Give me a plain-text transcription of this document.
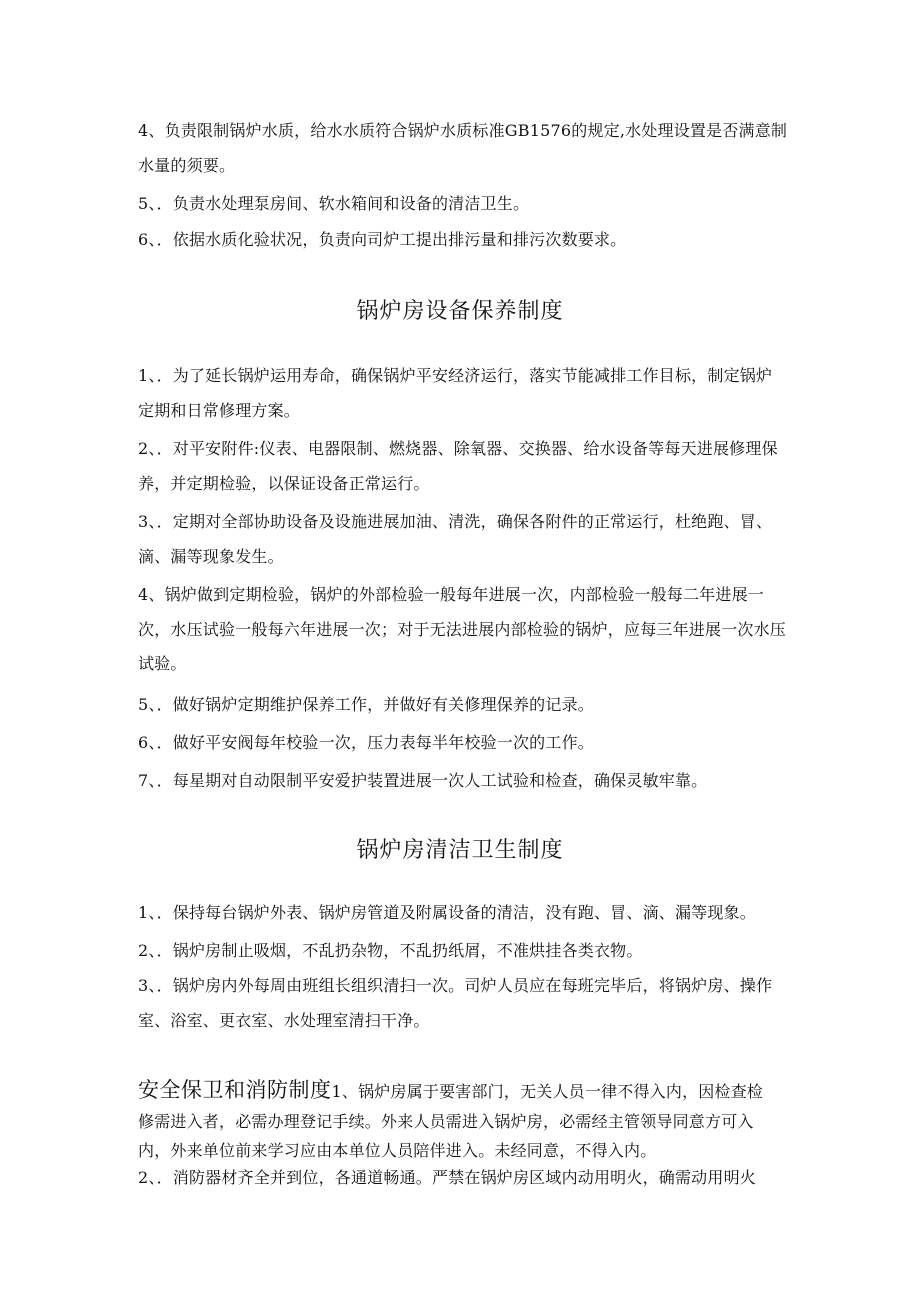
4、负责限制锅炉水质，给水水质符合锅炉水质标准GB1576的规定,水处理设置是否满意制水量的须要。

5、．负责水处理泵房间、软水箱间和设备的清洁卫生。

6、．依据水质化验状况，负责向司炉工提出排污量和排污次数要求。

锅炉房设备保养制度

1、．为了延长锅炉运用寿命，确保锅炉平安经济运行，落实节能减排工作目标，制定锅炉定期和日常修理方案。

2、．对平安附件:仪表、电器限制、燃烧器、除氧器、交换器、给水设备等每天进展修理保养，并定期检验，以保证设备正常运行。

3、．定期对全部协助设备及设施进展加油、清洗，确保各附件的正常运行，杜绝跑、冒、滴、漏等现象发生。

4、锅炉做到定期检验，锅炉的外部检验一般每年进展一次，内部检验一般每二年进展一次，水压试验一般每六年进展一次；对于无法进展内部检验的锅炉，应每三年进展一次水压试验。

5、．做好锅炉定期维护保养工作，并做好有关修理保养的记录。

6、．做好平安阀每年校验一次，压力表每半年校验一次的工作。

7、．每星期对自动限制平安爱护装置进展一次人工试验和检查，确保灵敏牢靠。

锅炉房清洁卫生制度

1、．保持每台锅炉外表、锅炉房管道及附属设备的清洁，没有跑、冒、滴、漏等现象。

2、．锅炉房制止吸烟，不乱扔杂物，不乱扔纸屑，不准烘挂各类衣物。

3、．锅炉房内外每周由班组长组织清扫一次。司炉人员应在每班完毕后，将锅炉房、操作室、浴室、更衣室、水处理室清扫干净。

安全保卫和消防制度1、锅炉房属于要害部门，无关人员一律不得入内，因检查检修需进入者，必需办理登记手续。外来人员需进入锅炉房，必需经主管领导同意方可入内，外来单位前来学习应由本单位人员陪伴进入。未经同意，不得入内。

2、．消防器材齐全并到位，各通道畅通。严禁在锅炉房区域内动用明火，确需动用明火
